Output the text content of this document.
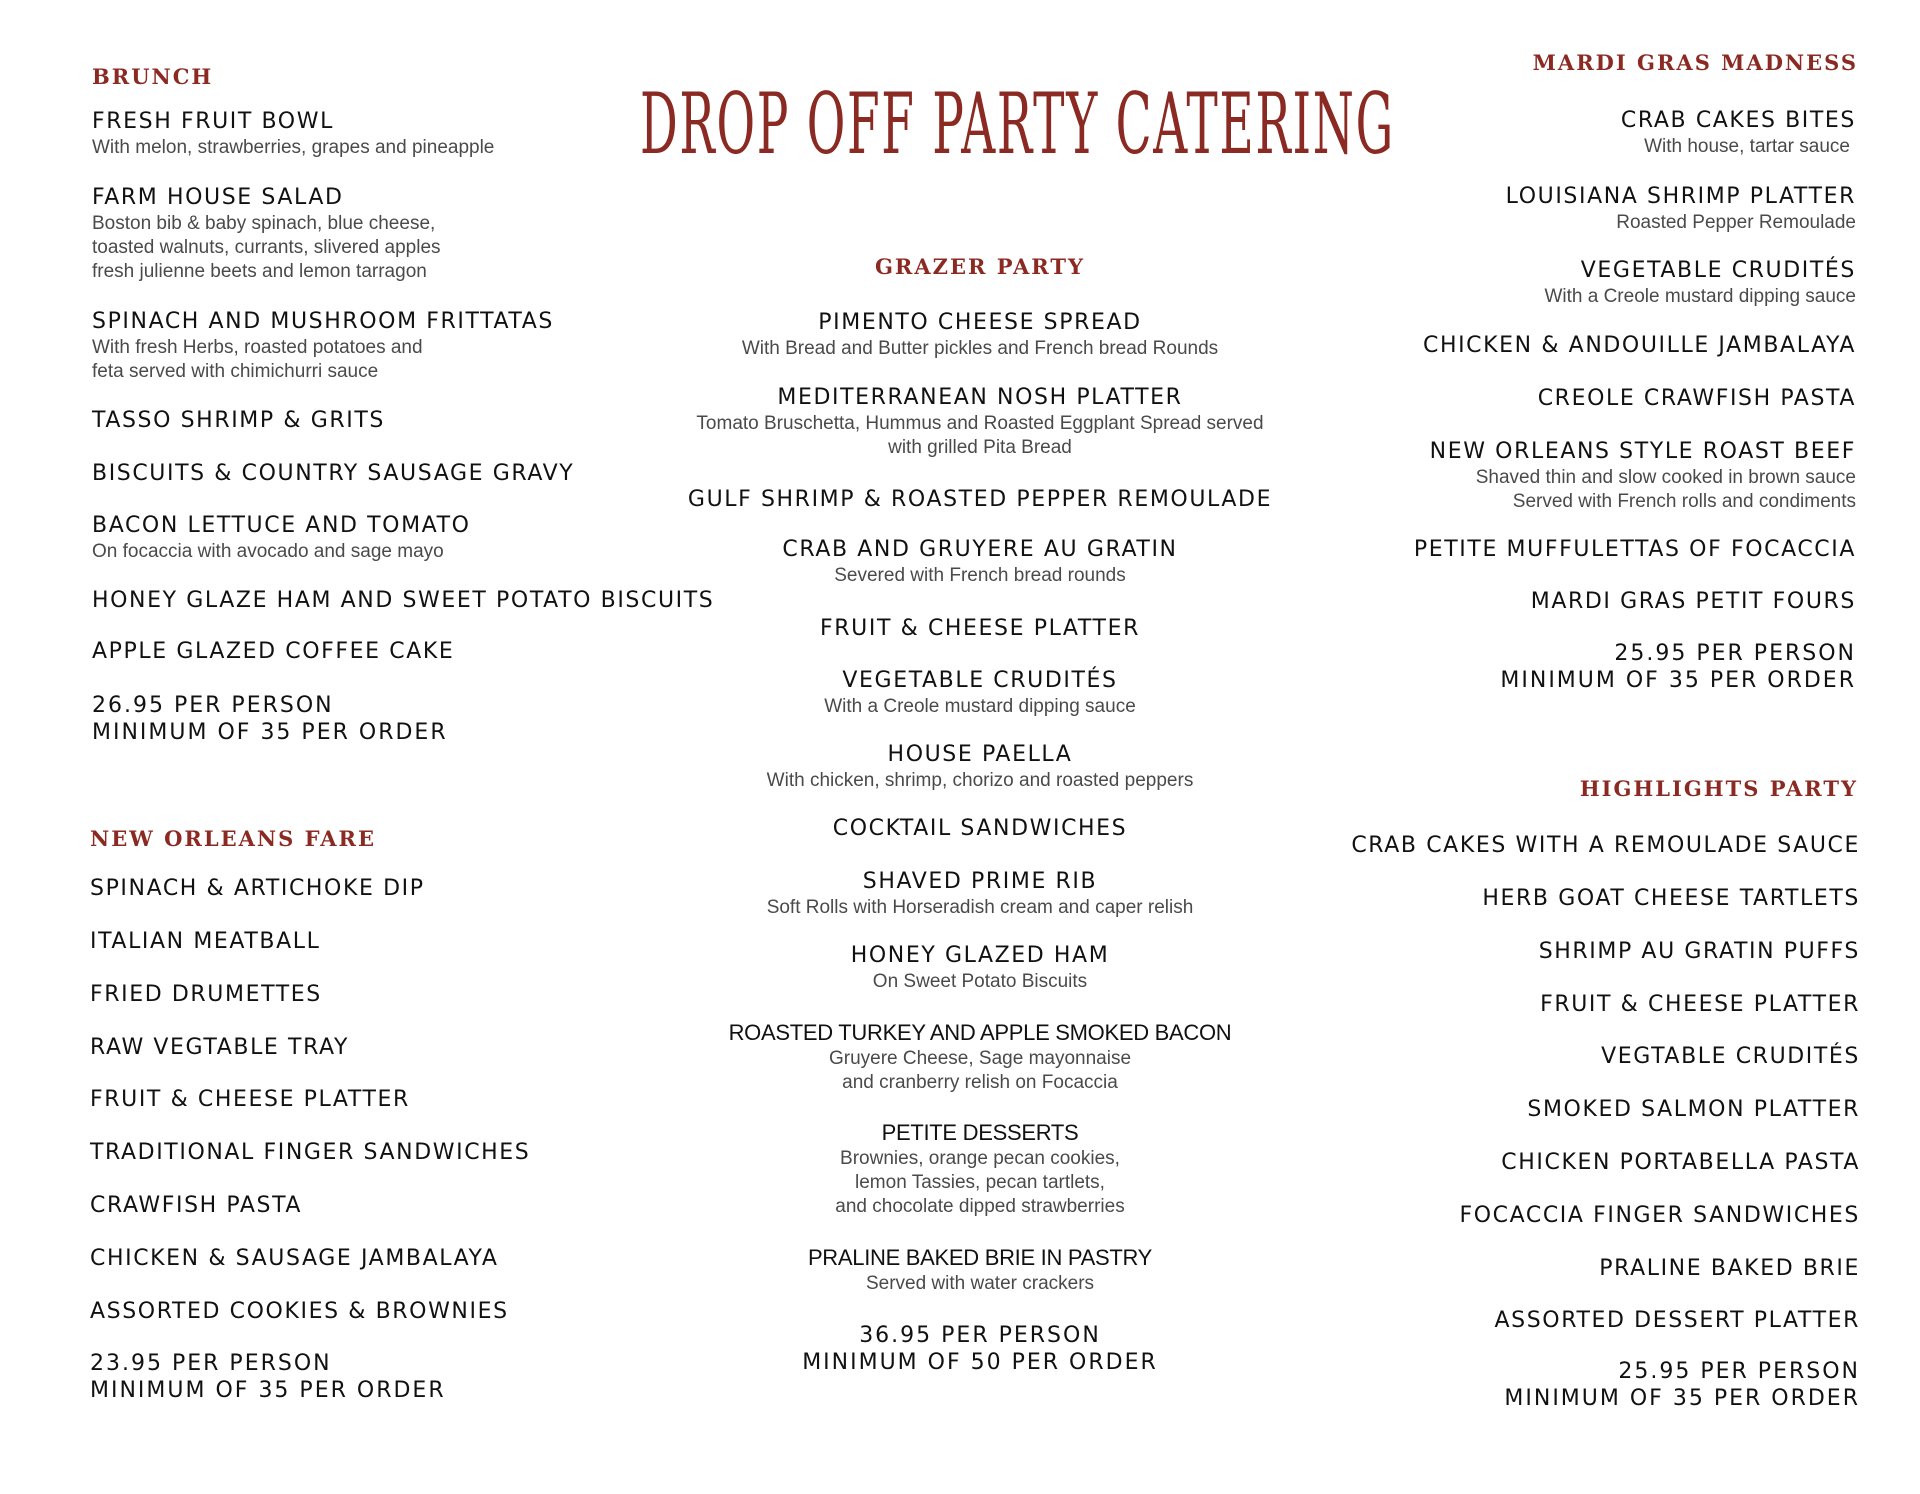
DROP OFF PARTY CATERING
BRUNCH
FRESH FRUIT BOWL
With melon, strawberries, grapes and pineapple
FARM HOUSE SALAD
Boston bib & baby spinach, blue cheese,
toasted walnuts, currants, slivered apples
fresh julienne beets and lemon tarragon
SPINACH AND MUSHROOM FRITTATAS
With fresh Herbs, roasted potatoes and
feta served with chimichurri sauce
TASSO SHRIMP & GRITS
BISCUITS & COUNTRY SAUSAGE GRAVY
BACON LETTUCE AND TOMATO
On focaccia with avocado and sage mayo
HONEY GLAZE HAM AND SWEET POTATO BISCUITS
APPLE GLAZED COFFEE CAKE
26.95 PER PERSON
MINIMUM OF 35 PER ORDER
NEW ORLEANS FARE
SPINACH & ARTICHOKE DIP
ITALIAN MEATBALL
FRIED DRUMETTES
RAW VEGTABLE TRAY
FRUIT & CHEESE PLATTER
TRADITIONAL FINGER SANDWICHES
CRAWFISH PASTA
CHICKEN & SAUSAGE JAMBALAYA
ASSORTED COOKIES & BROWNIES
23.95 PER PERSON
MINIMUM OF 35 PER ORDER
GRAZER PARTY
PIMENTO CHEESE SPREAD
With Bread and Butter pickles and French bread Rounds
MEDITERRANEAN NOSH PLATTER
Tomato Bruschetta, Hummus and Roasted Eggplant Spread served
with grilled Pita Bread
GULF SHRIMP & ROASTED PEPPER REMOULADE
CRAB AND GRUYERE AU GRATIN
Severed with French bread rounds
FRUIT & CHEESE PLATTER
VEGETABLE CRUDITÉS
With a Creole mustard dipping sauce
HOUSE PAELLA
With chicken, shrimp, chorizo and roasted peppers
COCKTAIL SANDWICHES
SHAVED PRIME RIB
Soft Rolls with Horseradish cream and caper relish
HONEY GLAZED HAM
On Sweet Potato Biscuits
ROASTED TURKEY AND APPLE SMOKED BACON
Gruyere Cheese, Sage mayonnaise
and cranberry relish on Focaccia
PETITE DESSERTS
Brownies, orange pecan cookies,
lemon Tassies, pecan tartlets,
and chocolate dipped strawberries
PRALINE BAKED BRIE IN PASTRY
Served with water crackers
36.95 PER PERSON
MINIMUM OF 50 PER ORDER
MARDI GRAS MADNESS
CRAB CAKES BITES
With house, tartar sauce
LOUISIANA SHRIMP PLATTER
Roasted Pepper Remoulade
VEGETABLE CRUDITÉS
With a Creole mustard dipping sauce
CHICKEN & ANDOUILLE JAMBALAYA
CREOLE CRAWFISH PASTA
NEW ORLEANS STYLE ROAST BEEF
Shaved thin and slow cooked in brown sauce
Served with French rolls and condiments
PETITE MUFFULETTAS OF FOCACCIA
MARDI GRAS PETIT FOURS
25.95 PER PERSON
MINIMUM OF 35 PER ORDER
HIGHLIGHTS PARTY
CRAB CAKES WITH A REMOULADE SAUCE
HERB GOAT CHEESE TARTLETS
SHRIMP AU GRATIN PUFFS
FRUIT & CHEESE PLATTER
VEGTABLE CRUDITÉS
SMOKED SALMON PLATTER
CHICKEN PORTABELLA PASTA
FOCACCIA FINGER SANDWICHES
PRALINE BAKED BRIE
ASSORTED DESSERT PLATTER
25.95 PER PERSON
MINIMUM OF 35 PER ORDER
